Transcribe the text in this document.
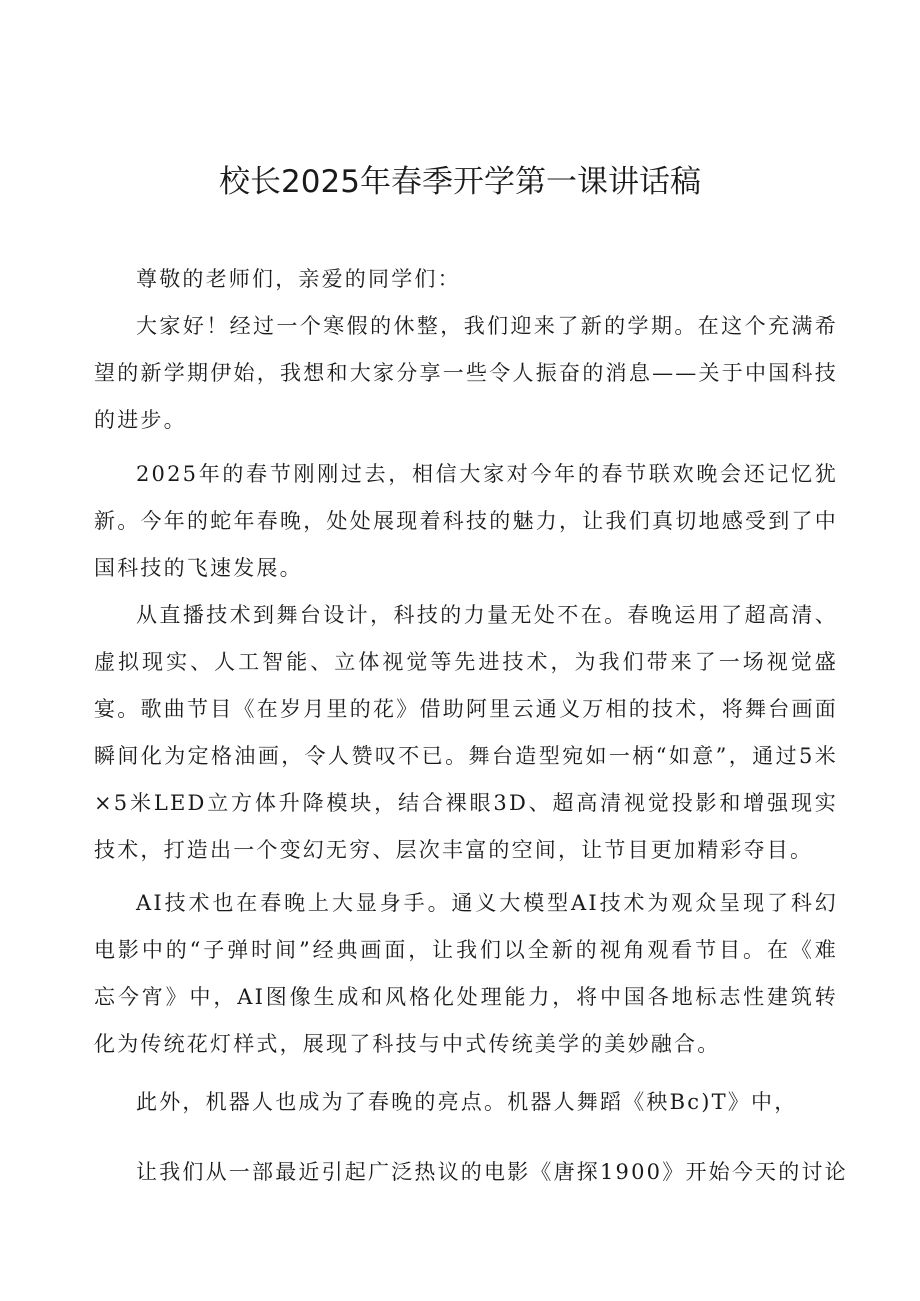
校长2025年春季开学第一课讲话稿

尊敬的老师们，亲爱的同学们：

大家好！经过一个寒假的休整，我们迎来了新的学期。在这个充满希望的新学期伊始，我想和大家分享一些令人振奋的消息——关于中国科技的进步。

2025年的春节刚刚过去，相信大家对今年的春节联欢晚会还记忆犹新。今年的蛇年春晚，处处展现着科技的魅力，让我们真切地感受到了中国科技的飞速发展。

从直播技术到舞台设计，科技的力量无处不在。春晚运用了超高清、虚拟现实、人工智能、立体视觉等先进技术，为我们带来了一场视觉盛宴。歌曲节目《在岁月里的花》借助阿里云通义万相的技术，将舞台画面瞬间化为定格油画，令人赞叹不已。舞台造型宛如一柄“如意”，通过5米×5米LED立方体升降模块，结合裸眼3D、超高清视觉投影和增强现实技术，打造出一个变幻无穷、层次丰富的空间，让节目更加精彩夺目。

AI技术也在春晚上大显身手。通义大模型AI技术为观众呈现了科幻电影中的“子弹时间”经典画面，让我们以全新的视角观看节目。在《难忘今宵》中，AI图像生成和风格化处理能力，将中国各地标志性建筑转化为传统花灯样式，展现了科技与中式传统美学的美妙融合。

此外，机器人也成为了春晚的亮点。机器人舞蹈《秧Bc)T》中，

让我们从一部最近引起广泛热议的电影《唐探1900》开始今天的讨论
